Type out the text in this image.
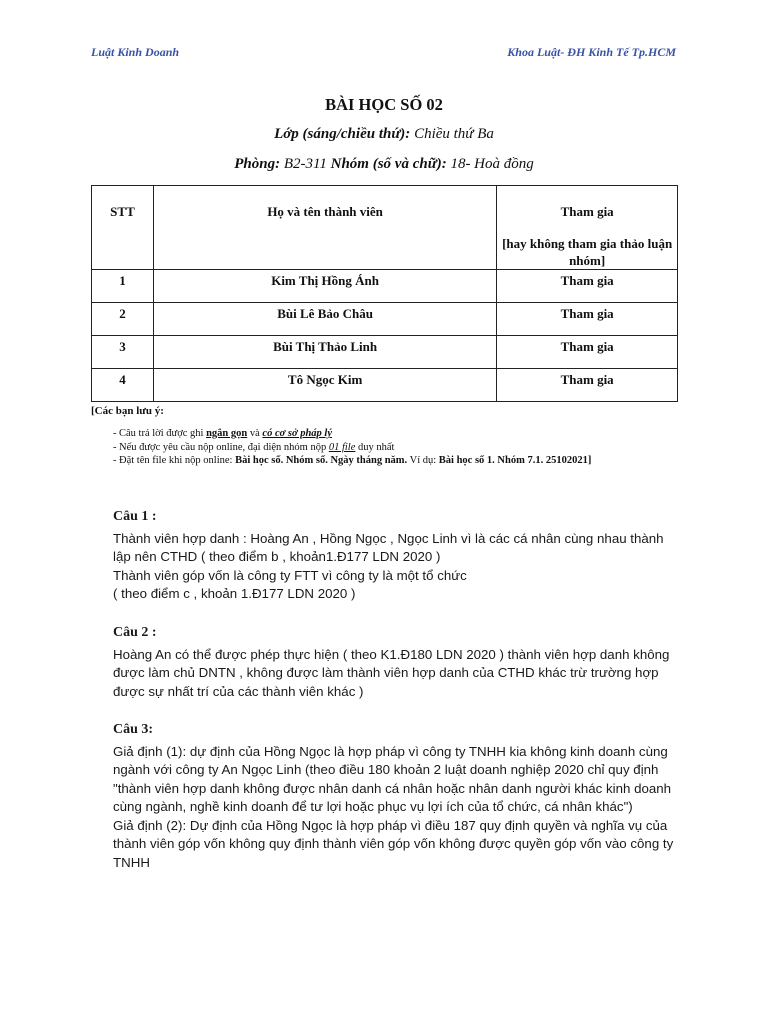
Luật Kinh Doanh	Khoa Luật- ĐH Kinh Tế Tp.HCM
BÀI HỌC SỐ 02
Lớp (sáng/chiều thứ): Chiều thứ Ba
Phòng: B2-311 Nhóm (số và chữ): 18- Hoà đồng
STT	Họ và tên thành viên	Tham gia
[hay không tham gia thảo luận nhóm]

1	Kim Thị Hồng Ánh	Tham gia
2	Bùi Lê Bảo Châu	Tham gia
3	Bùi Thị Thảo Linh	Tham gia
4	Tô Ngọc Kim	Tham gia
[Các bạn lưu ý:
- Câu trả lời được ghi ngắn gọn và có cơ sở pháp lý
- Nếu được yêu cầu nộp online, đại diện nhóm nộp 01 file duy nhất
- Đặt tên file khi nộp online: Bài học số. Nhóm số. Ngày tháng năm. Ví dụ: Bài học số 1. Nhóm 7.1. 25102021]
Câu 1 :

Thành viên hợp danh : Hoàng An , Hồng Ngọc , Ngọc Linh vì là các cá nhân cùng nhau thành lập nên CTHD ( theo điểm b , khoản1.Đ177 LDN 2020 )

Thành viên góp vốn là công ty FTT vì công ty là một tổ chức

( theo điểm c , khoản 1.Đ177 LDN 2020 )

Câu 2 :

Hoàng An có thể được phép thực hiện ( theo K1.Đ180 LDN 2020 ) thành viên hợp danh không được làm chủ DNTN , không được làm thành viên hợp danh của CTHD khác trừ trường hợp được sự nhất trí của các thành viên khác )

Câu 3:

Giả định (1): dự định của Hồng Ngọc là hợp pháp vì công ty TNHH kia không kinh doanh cùng ngành với công ty An Ngọc Linh (theo điều 180 khoản 2 luật doanh nghiệp 2020 chỉ quy định "thành viên hợp danh không được nhân danh cá nhân hoặc nhân danh người khác kinh doanh cùng ngành, nghề kinh doanh để tư lợi hoặc phục vụ lợi ích của tổ chức, cá nhân khác")

Giả định (2): Dự định của Hồng Ngọc là hợp pháp vì điều 187 quy định quyền và nghĩa vụ của thành viên góp vốn không quy định thành viên góp vốn không được quyền góp vốn vào công ty TNHH
